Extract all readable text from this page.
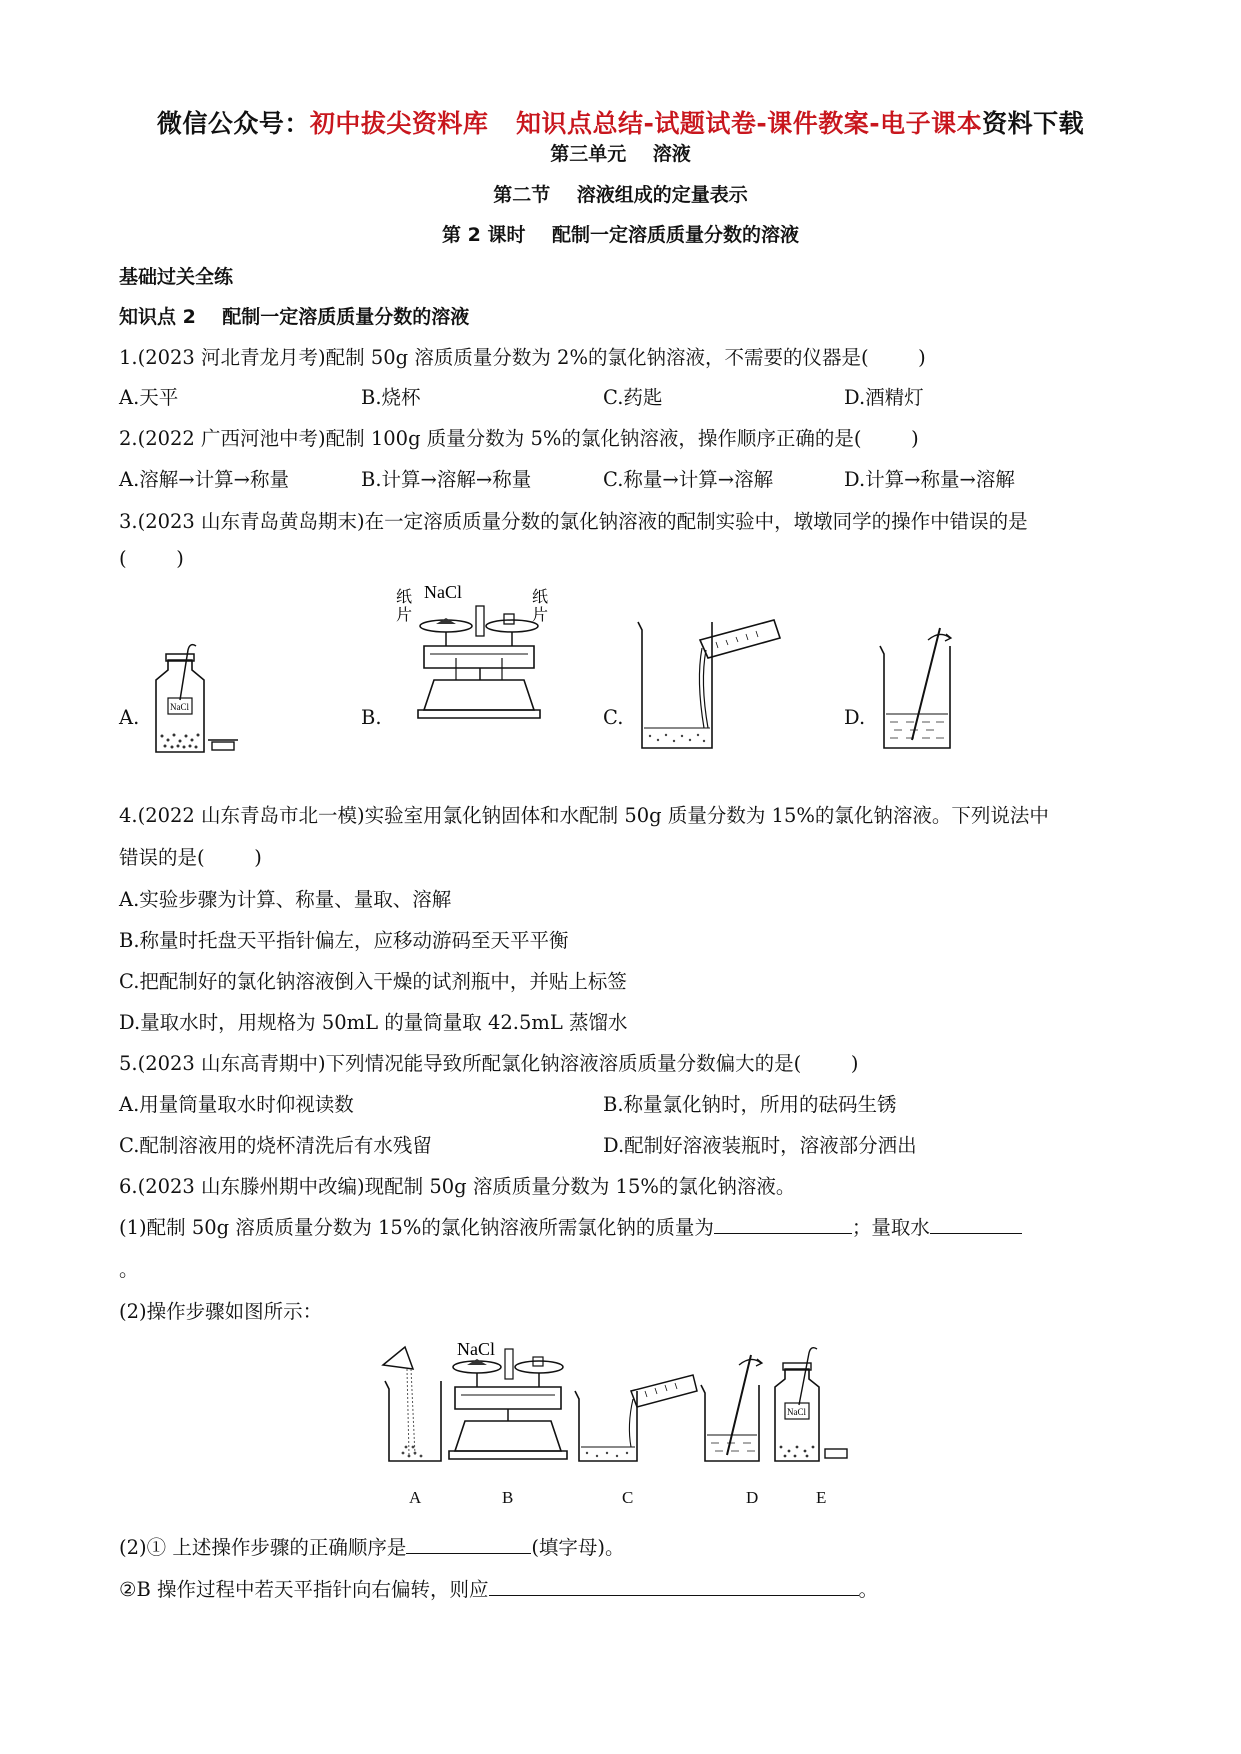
微信公众号：初中拔尖资料库   知识点总结-试题试卷-课件教案-电子课本资料下载
第三单元    溶液
第二节    溶液组成的定量表示
第 2 课时    配制一定溶质质量分数的溶液
基础过关全练
知识点 2    配制一定溶质质量分数的溶液
1.(2023 河北青龙月考)配制 50g 溶质质量分数为 2%的氯化钠溶液，不需要的仪器是(        )
A.天平	B.烧杯	C.药匙	D.酒精灯
2.(2022 广西河池中考)配制 100g 质量分数为 5%的氯化钠溶液，操作顺序正确的是(        )
A.溶解→计算→称量	B.计算→溶解→称量	C.称量→计算→溶解	D.计算→称量→溶解
3.(2023 山东青岛黄岛期末)在一定溶质质量分数的氯化钠溶液的配制实验中，墩墩同学的操作中错误的是
(        )
A.	B.	C.	D.
NaCl
纸
片
NaCl	纸
片
4.(2022 山东青岛市北一模)实验室用氯化钠固体和水配制 50g 质量分数为 15%的氯化钠溶液。下列说法中
错误的是(        )
A.实验步骤为计算、称量、量取、溶解
B.称量时托盘天平指针偏左，应移动游码至天平平衡
C.把配制好的氯化钠溶液倒入干燥的试剂瓶中，并贴上标签
D.量取水时，用规格为 50mL 的量筒量取 42.5mL 蒸馏水
5.(2023 山东高青期中)下列情况能导致所配氯化钠溶液溶质质量分数偏大的是(        )
A.用量筒量取水时仰视读数	B.称量氯化钠时，所用的砝码生锈
C.配制溶液用的烧杯清洗后有水残留	D.配制好溶液装瓶时，溶液部分洒出
6.(2023 山东滕州期中改编)现配制 50g 溶质质量分数为 15%的氯化钠溶液。
(1)配制 50g 溶质质量分数为 15%的氯化钠溶液所需氯化钠的质量为	；量取水
。
(2)操作步骤如图所示：
NaCl
NaCl
A	B	C	D	E
(2)① 上述操作步骤的正确顺序是	(填字母)。
②B 操作过程中若天平指针向右偏转，则应	。
